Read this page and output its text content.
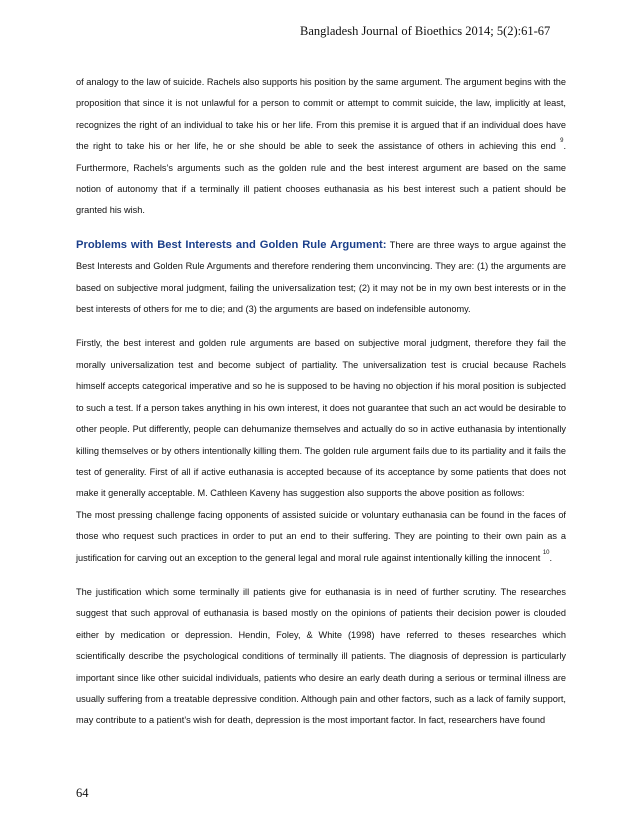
Bangladesh Journal of Bioethics 2014; 5(2):61-67

of analogy to the law of suicide. Rachels also supports his position by the same argument. The argument begins with the proposition that since it is not unlawful for a person to commit or attempt to commit suicide, the law, implicitly at least, recognizes the right of an individual to take his or her life. From this premise it is argued that if an individual does have the right to take his or her life, he or she should be able to seek the assistance of others in achieving this end $^9$. Furthermore, Rachels’s arguments such as the golden rule and the best interest argument are based on the same notion of autonomy that if a terminally ill patient chooses euthanasia as his best interest such a patient should be granted his wish.

Problems with Best Interests and Golden Rule Argument: There are three ways to argue against the Best Interests and Golden Rule Arguments and therefore rendering them unconvincing. They are: (1) the arguments are based on subjective moral judgment, failing the universalization test; (2) it may not be in my own best interests or in the best interests of others for me to die; and (3) the arguments are based on indefensible autonomy.

Firstly, the best interest and golden rule arguments are based on subjective moral judgment, therefore they fail the morally universalization test and become subject of partiality. The universalization test is crucial because Rachels himself accepts categorical imperative and so he is supposed to be having no objection if his moral position is subjected to such a test. If a person takes anything in his own interest, it does not guarantee that such an act would be desirable to other people. Put differently, people can dehumanize themselves and actually do so in active euthanasia by intentionally killing themselves or by others intentionally killing them. The golden rule argument fails due to its partiality and it fails the test of generality. First of all if active euthanasia is accepted because of its acceptance by some patients that does not make it generally acceptable. M. Cathleen Kaveny has suggestion also supports the above position as follows:

The most pressing challenge facing opponents of assisted suicide or voluntary euthanasia can be found in the faces of those who request such practices in order to put an end to their suffering. They are pointing to their own pain as a justification for carving out an exception to the general legal and moral rule against intentionally killing the innocent $^{10}$.

The justification which some terminally ill patients give for euthanasia is in need of further scrutiny. The researches suggest that such approval of euthanasia is based mostly on the opinions of patients their decision power is clouded either by medication or depression. Hendin, Foley, & White (1998) have referred to theses researches which scientifically describe the psychological conditions of terminally ill patients. The diagnosis of depression is particularly important since like other suicidal individuals, patients who desire an early death during a serious or terminal illness are usually suffering from a treatable depressive condition. Although pain and other factors, such as a lack of family support, may contribute to a patient’s wish for death, depression is the most important factor. In fact, researchers have found

64
